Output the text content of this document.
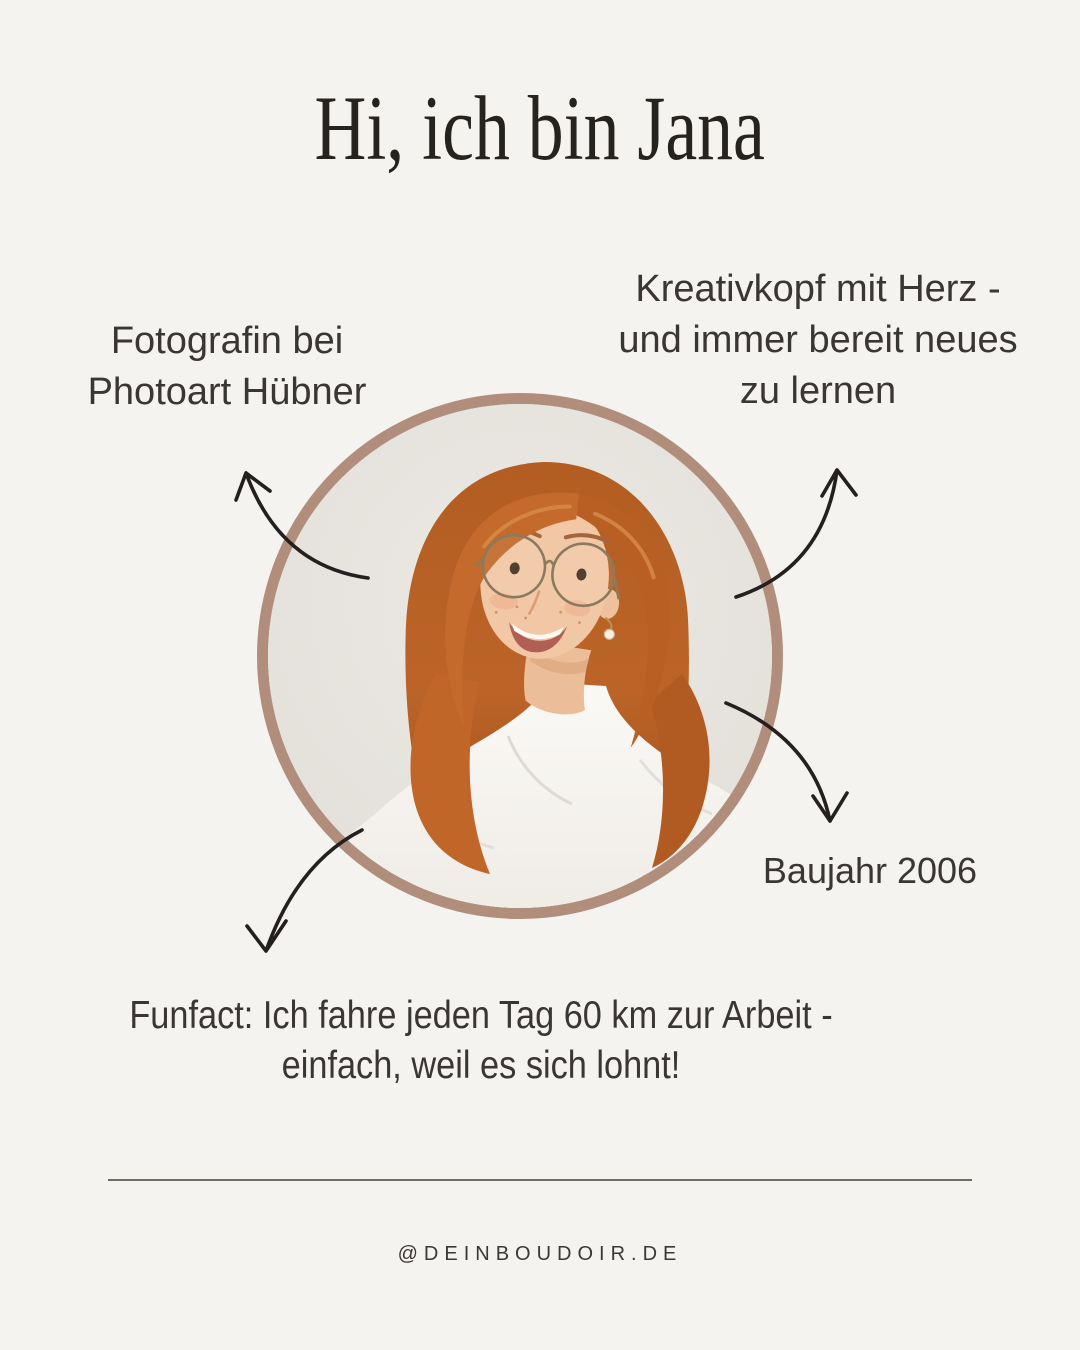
Hi, ich bin Jana
Fotografin bei
Photoart Hübner
Kreativkopf mit Herz -
und immer bereit neues
zu lernen
Baujahr 2006
Funfact: Ich fahre jeden Tag 60 km zur Arbeit -
einfach, weil es sich lohnt!
@DEINBOUDOIR.DE
